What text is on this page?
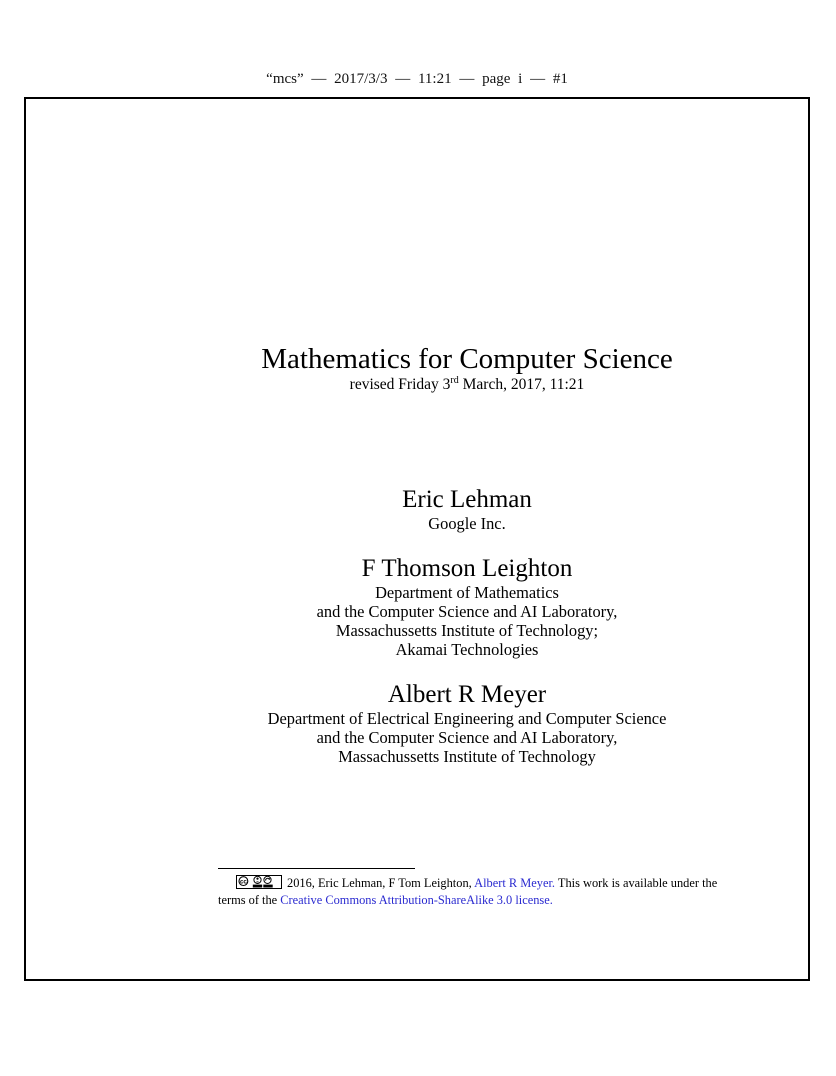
“mcs” — 2017/3/3 — 11:21 — page i — #1
Mathematics for Computer Science
revised Friday 3rd March, 2017, 11:21
Eric Lehman
Google Inc.
F Thomson Leighton
Department of Mathematics
and the Computer Science and AI Laboratory,
Massachussetts Institute of Technology;
Akamai Technologies
Albert R Meyer
Department of Electrical Engineering and Computer Science
and the Computer Science and AI Laboratory,
Massachussetts Institute of Technology
cc	2016, Eric Lehman, F Tom Leighton, Albert R Meyer. This work is available under the
terms of the Creative Commons Attribution-ShareAlike 3.0 license.
